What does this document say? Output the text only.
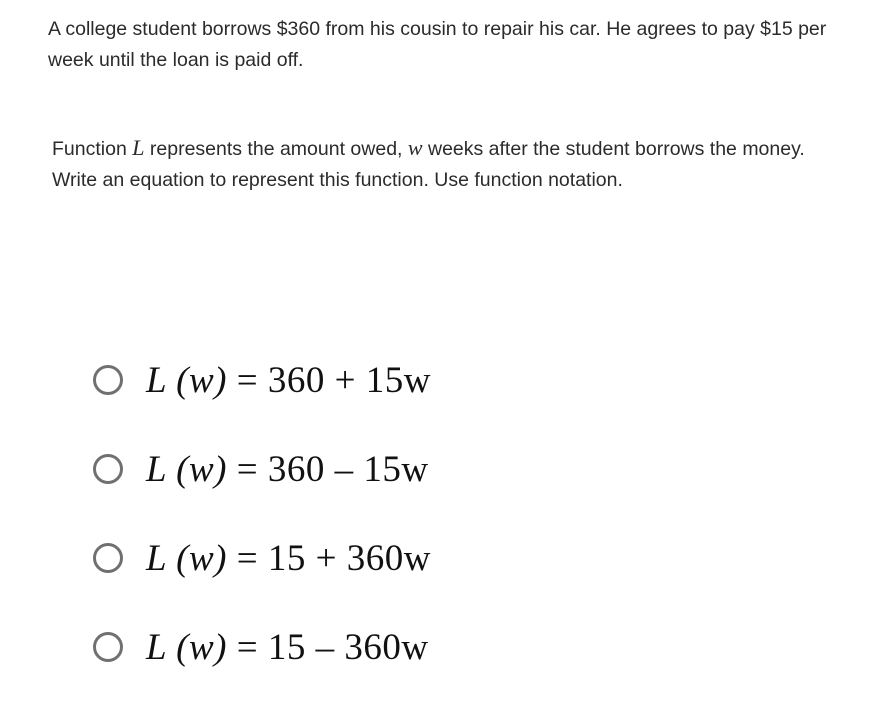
A college student borrows $360 from his cousin to repair his car. He agrees to pay $15 per week until the loan is paid off.

Function L represents the amount owed, w weeks after the student borrows the money. Write an equation to represent this function. Use function notation.

L (w) = 360 + 15w
L (w) = 360 – 15w
L (w) = 15 + 360w
L (w) = 15 – 360w
